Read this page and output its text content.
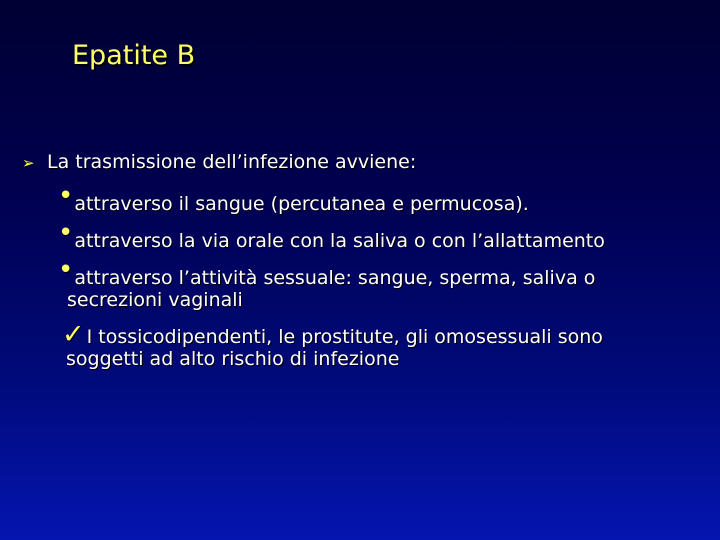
Epatite B
➢ La trasmissione dell’infezione avviene:
•attraverso il sangue (percutanea e permucosa).
•attraverso la via orale con la saliva o con l’allattamento
•attraverso l’attività sessuale: sangue, sperma, saliva o
secrezioni vaginali
✓ I tossicodipendenti, le prostitute, gli omosessuali sono
soggetti ad alto rischio di infezione
